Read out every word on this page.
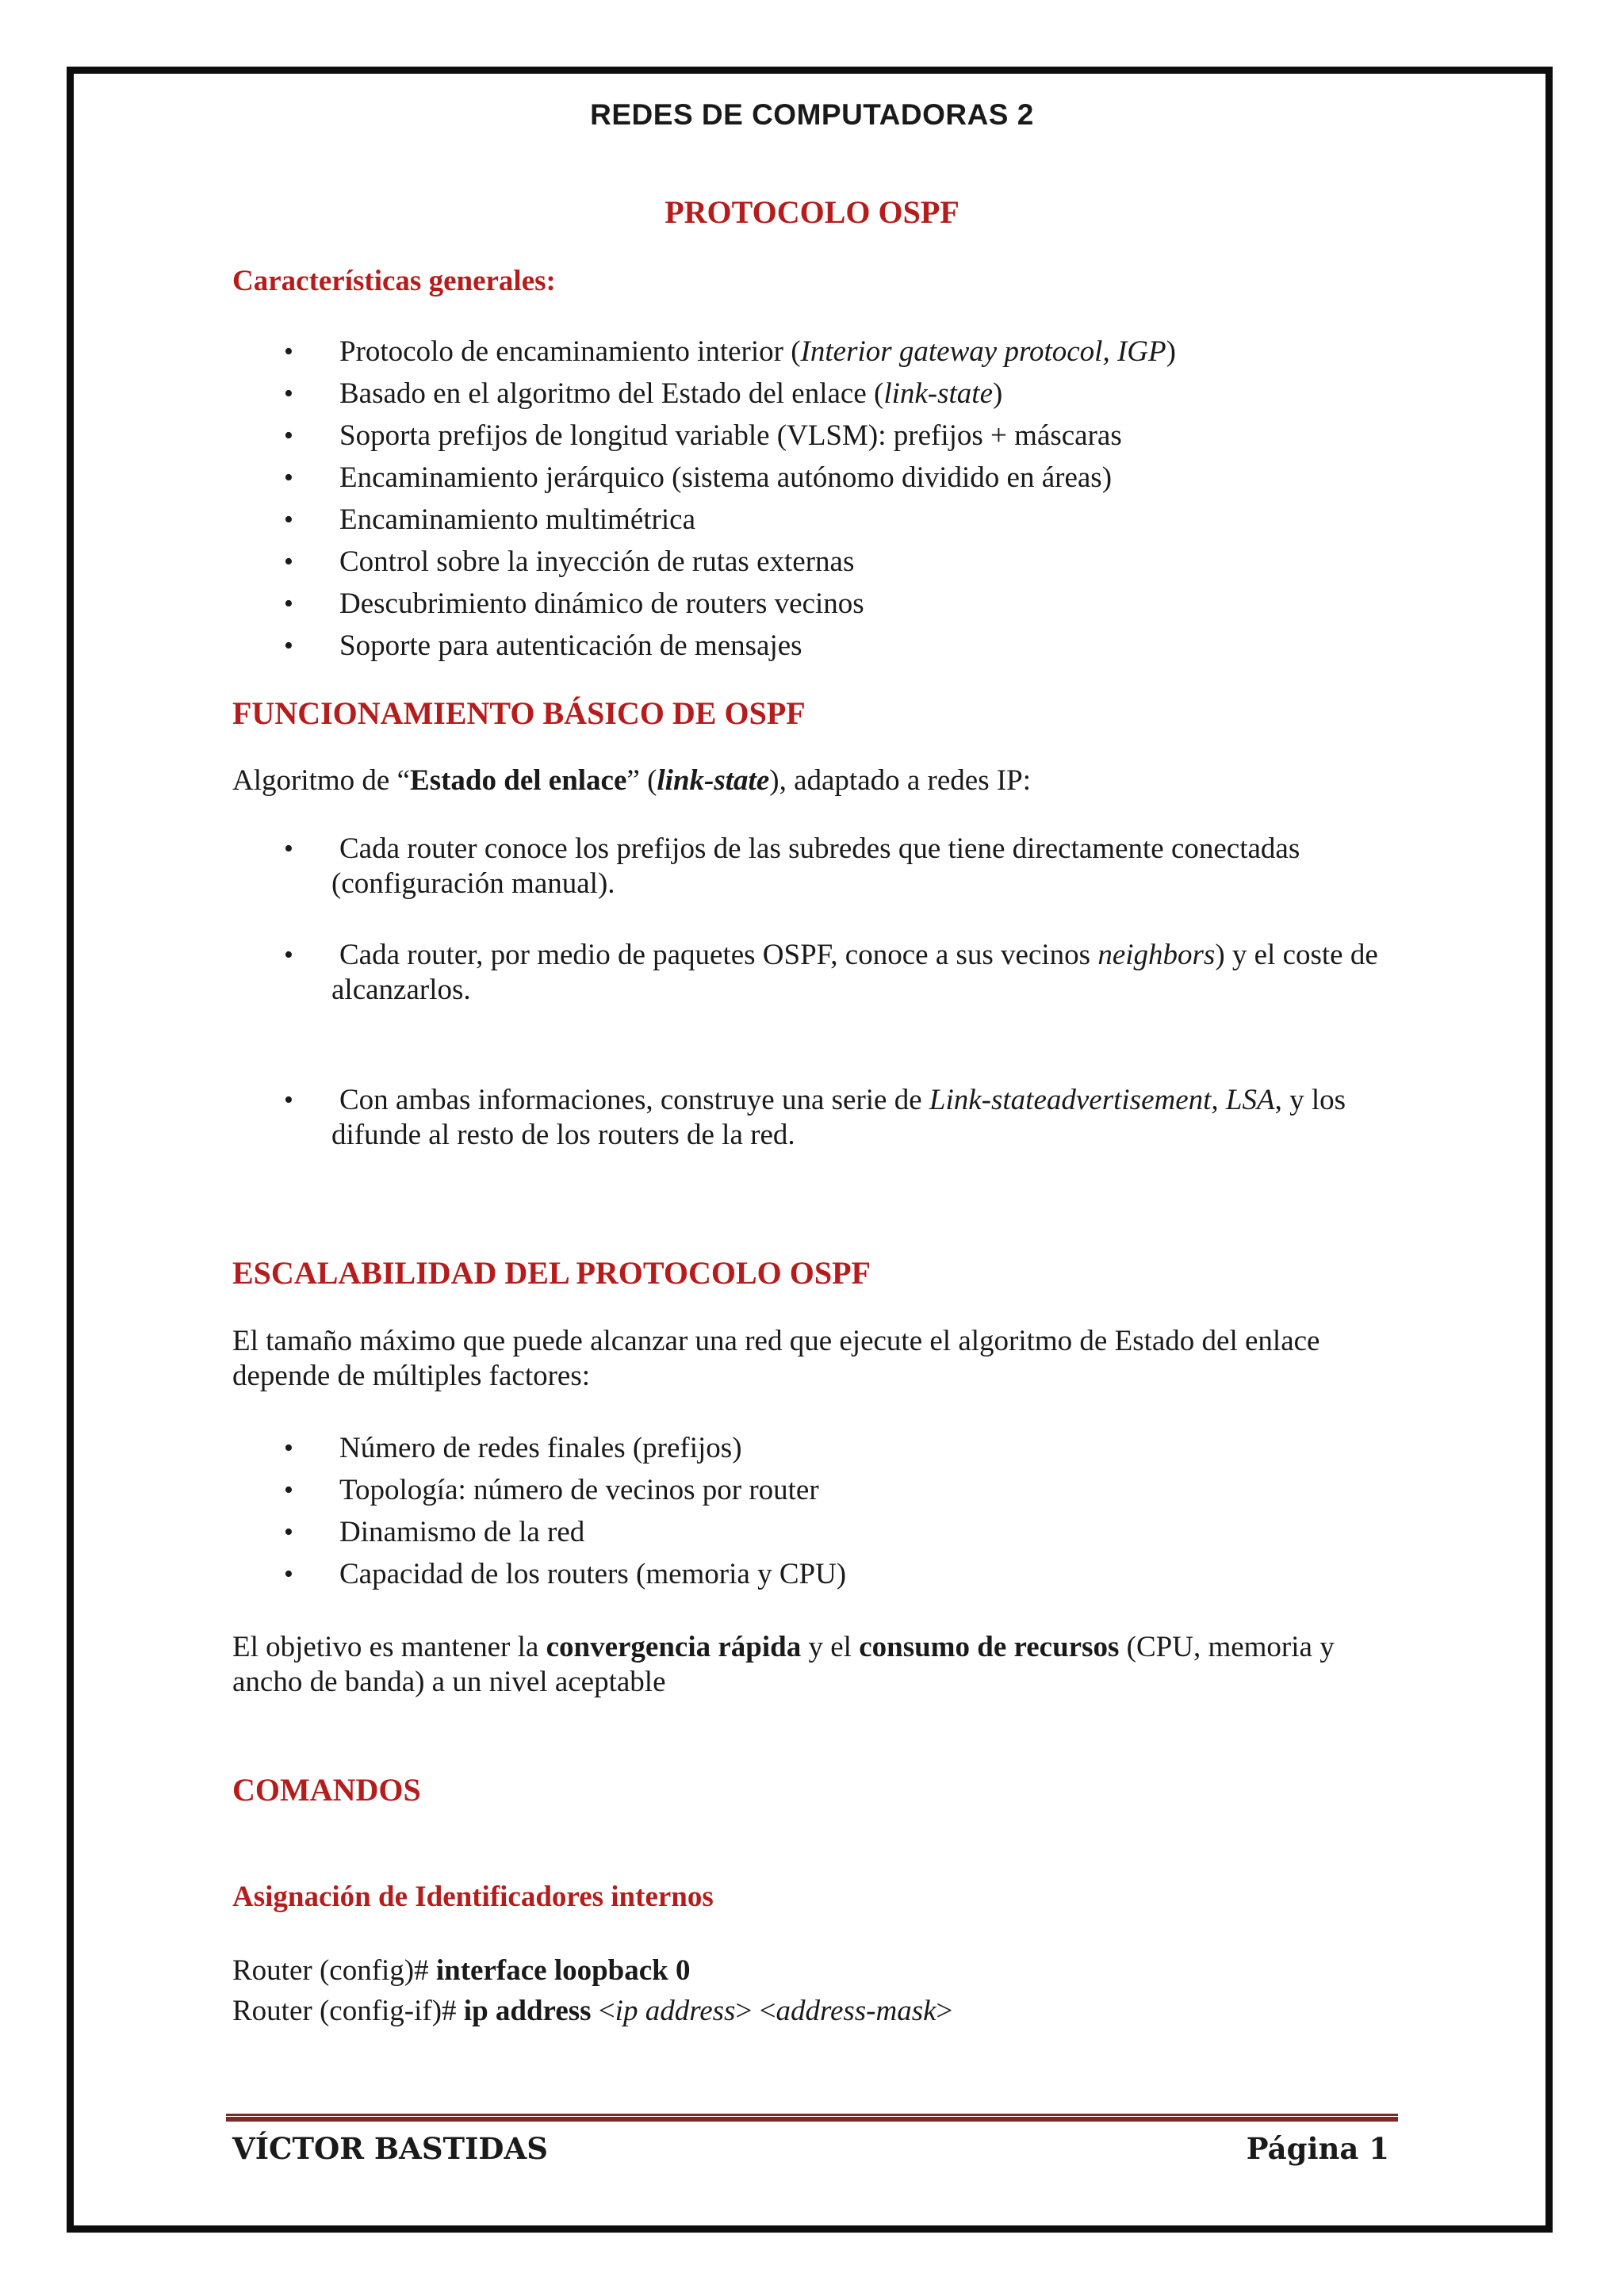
REDES DE COMPUTADORAS 2
PROTOCOLO OSPF
Características generales:
• Protocolo de encaminamiento interior (Interior gateway protocol, IGP)
• Basado en el algoritmo del Estado del enlace (link-state)
• Soporta prefijos de longitud variable (VLSM): prefijos + máscaras
• Encaminamiento jerárquico (sistema autónomo dividido en áreas)
• Encaminamiento multimétrica
• Control sobre la inyección de rutas externas
• Descubrimiento dinámico de routers vecinos
• Soporte para autenticación de mensajes
FUNCIONAMIENTO BÁSICO DE OSPF
Algoritmo de “Estado del enlace” (link-state), adaptado a redes IP:
• Cada router conoce los prefijos de las subredes que tiene directamente conectadas (configuración manual).
• Cada router, por medio de paquetes OSPF, conoce a sus vecinos neighbors) y el coste de alcanzarlos.
• Con ambas informaciones, construye una serie de Link-stateadvertisement, LSA, y los difunde al resto de los routers de la red.
ESCALABILIDAD DEL PROTOCOLO OSPF
El tamaño máximo que puede alcanzar una red que ejecute el algoritmo de Estado del enlace depende de múltiples factores:
• Número de redes finales (prefijos)
• Topología: número de vecinos por router
• Dinamismo de la red
• Capacidad de los routers (memoria y CPU)
El objetivo es mantener la convergencia rápida y el consumo de recursos (CPU, memoria y ancho de banda) a un nivel aceptable
COMANDOS
Asignación de Identificadores internos
Router (config)# interface loopback 0
Router (config-if)# ip address <ip address> <address-mask>
VÍCTOR BASTIDAS	Página 1
